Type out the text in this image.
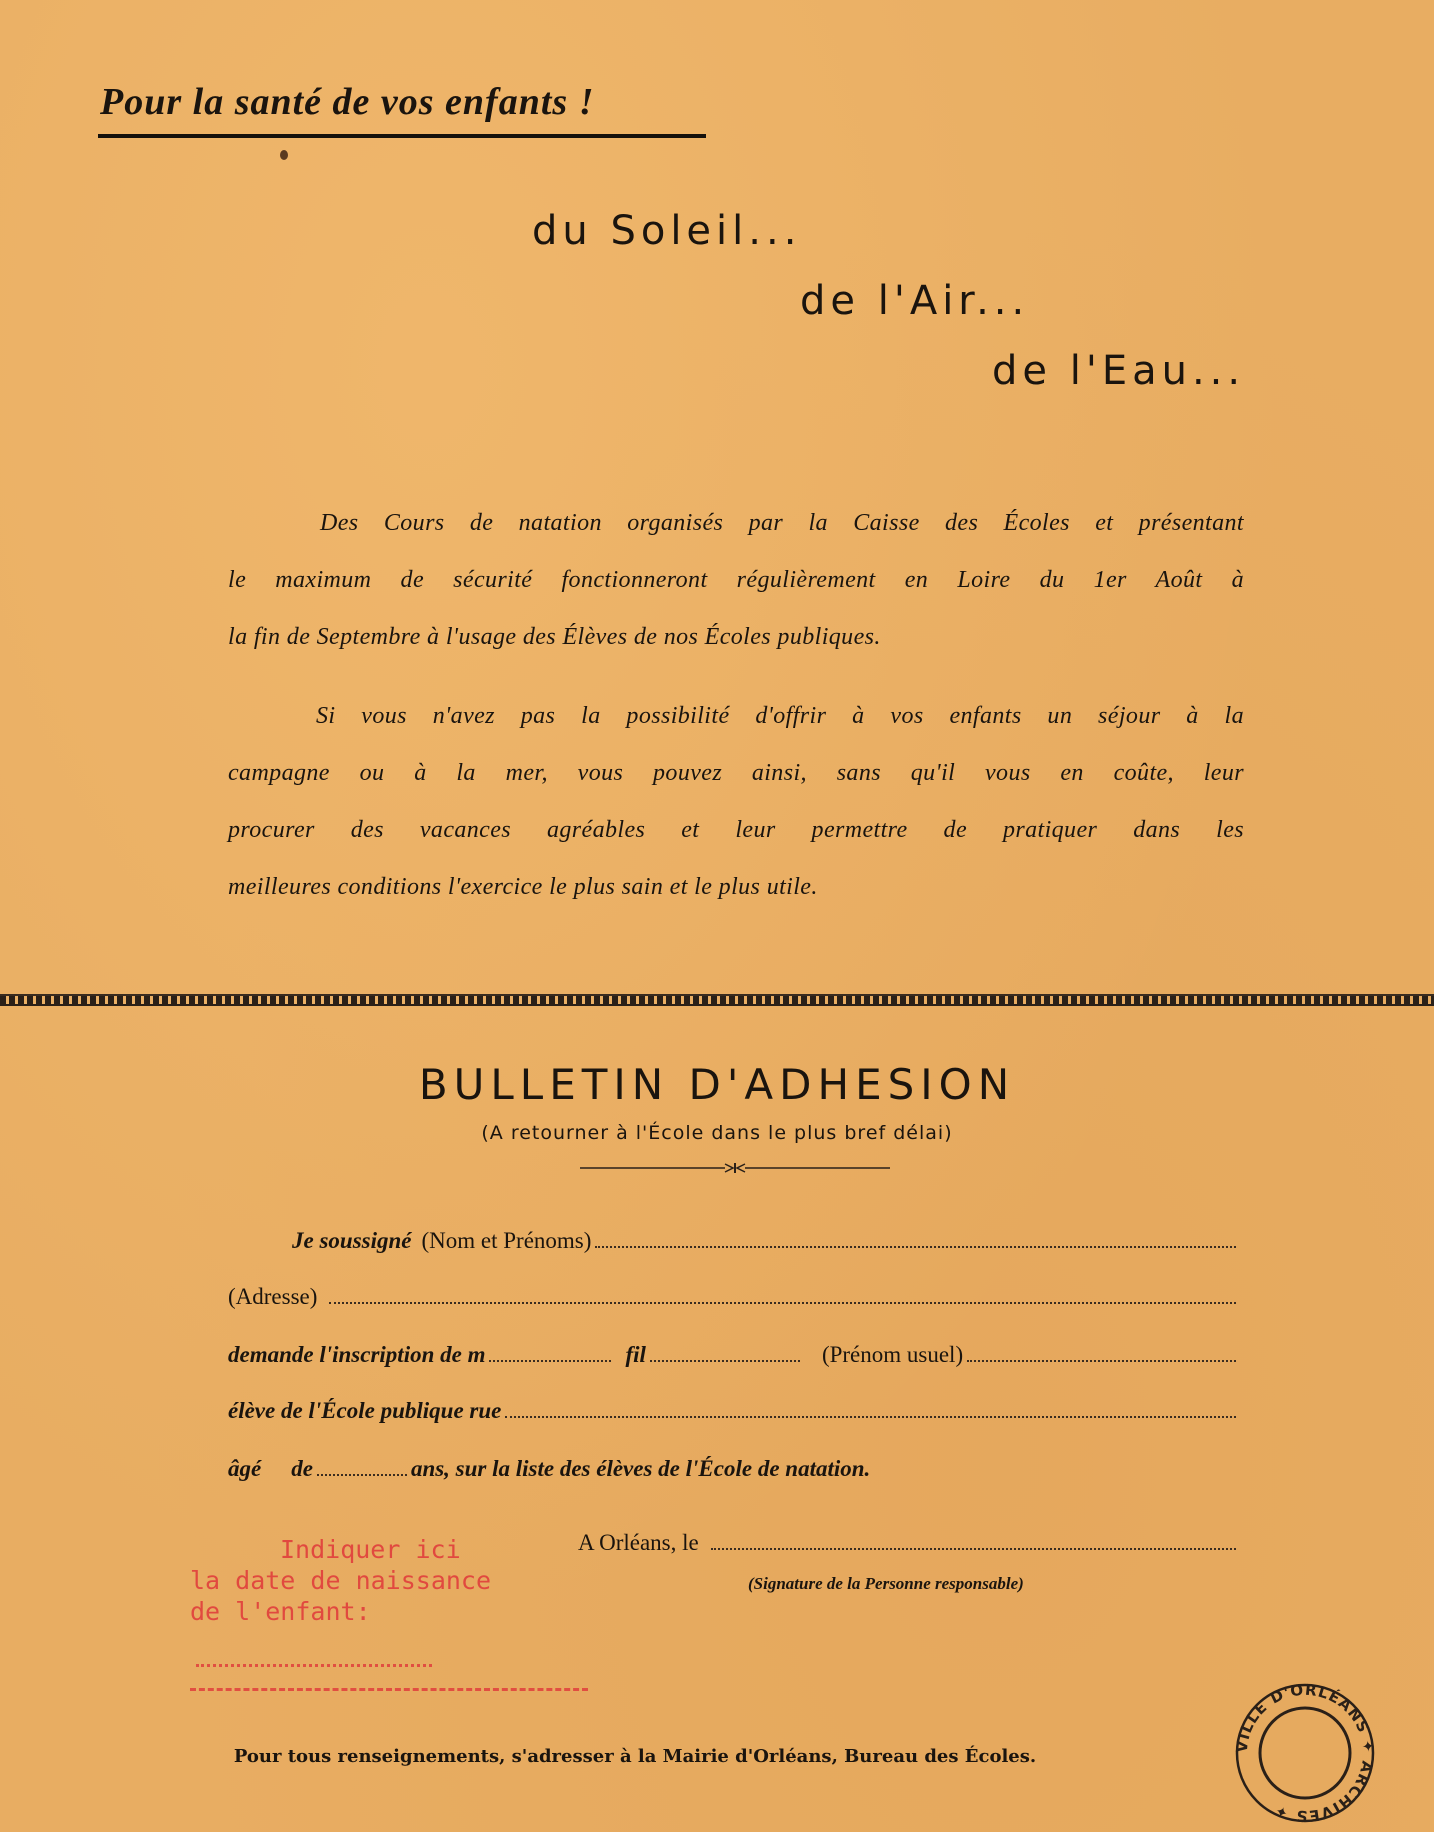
Pour la santé de vos enfants !
du Soleil...
de l'Air...
de l'Eau...
Des Cours de natation organisés par la Caisse des Écoles et présentant
le maximum de sécurité fonctionneront régulièrement en Loire du 1er Août à
la fin de Septembre à l'usage des Élèves de nos Écoles publiques.
Si vous n'avez pas la possibilité d'offrir à vos enfants un séjour à la
campagne ou à la mer, vous pouvez ainsi, sans qu'il vous en coûte, leur
procurer des vacances agréables et leur permettre de pratiquer dans les
meilleures conditions l'exercice le plus sain et le plus utile.
BULLETIN D'ADHESION
(A retourner à l'École dans le plus bref délai)
Je soussigné (Nom et Prénoms)
(Adresse)
demande l'inscription de m	fil	(Prénom usuel)
élève de l'École publique rue
âgé de	ans, sur la liste des élèves de l'École de natation.
A Orléans, le
(Signature de la Personne responsable)
Indiquer ici
la date de naissance
de l'enfant:
Pour tous renseignements, s'adresser à la Mairie d'Orléans, Bureau des Écoles.	VILLE D'ORLÉANS ✦ ARCHIVES ✦
